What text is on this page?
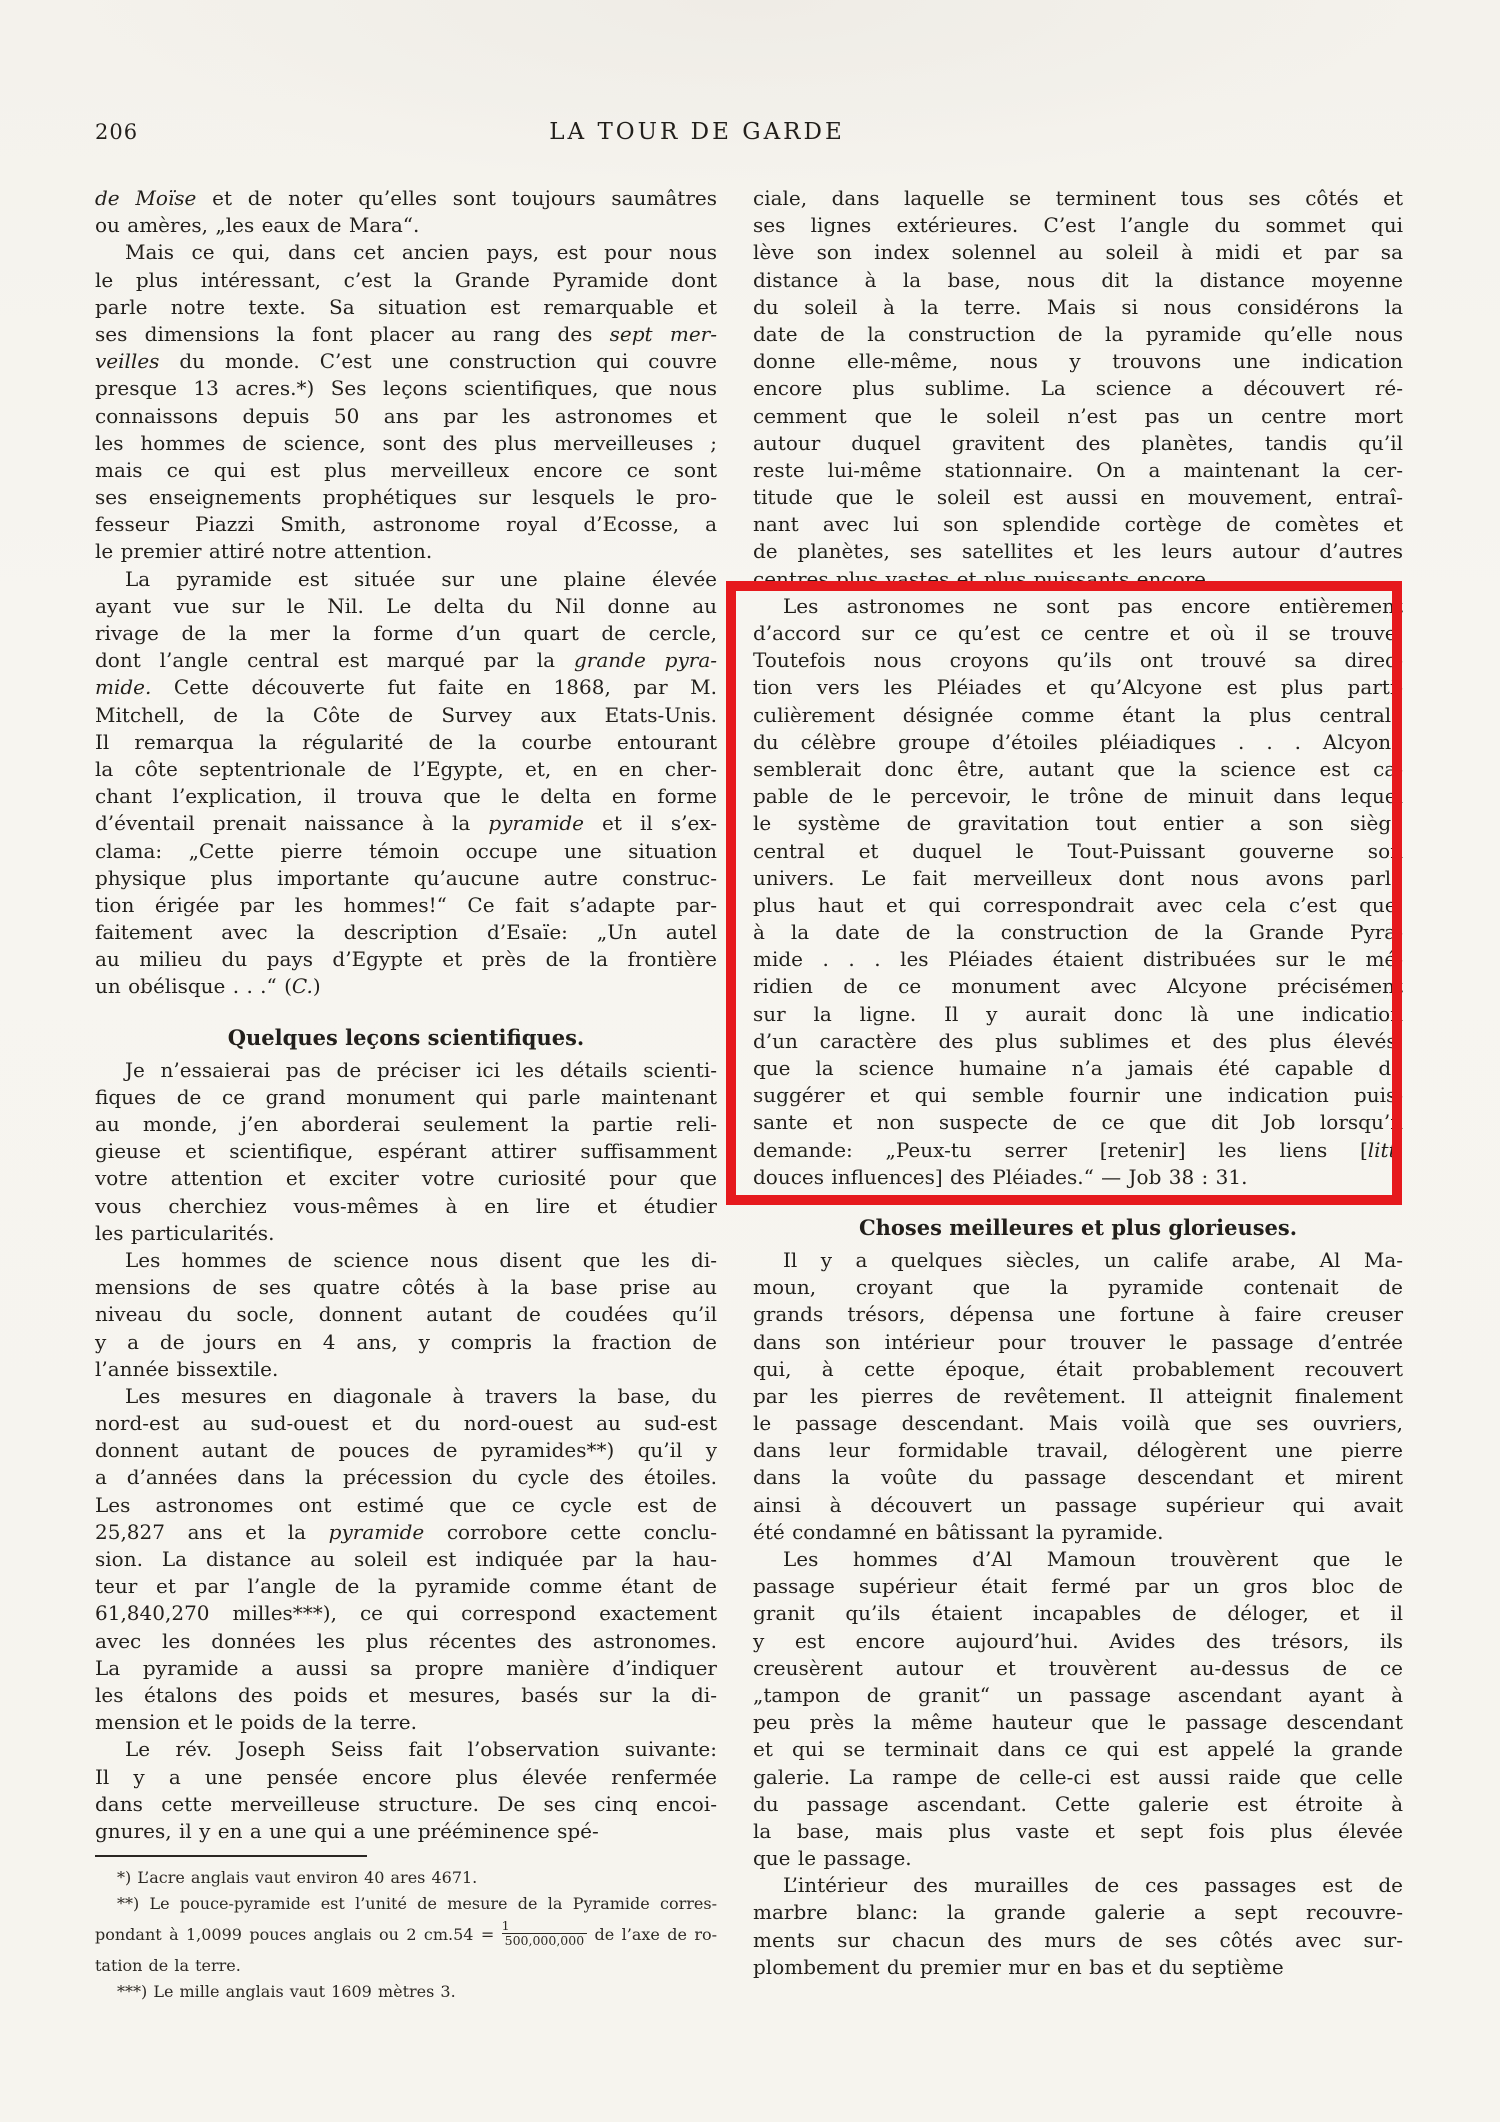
206	LA TOUR DE GARDE
de Moïse et de noter qu’elles sont toujours saumâtres
ou amères, „les eaux de Mara“.
Mais ce qui, dans cet ancien pays, est pour nous
le plus intéressant, c’est la Grande Pyramide dont
parle notre texte. Sa situation est remarquable et
ses dimensions la font placer au rang des sept mer-
veilles du monde. C’est une construction qui couvre
presque 13 acres.*) Ses leçons scientifiques, que nous
connaissons depuis 50 ans par les astronomes et
les hommes de science, sont des plus merveilleuses ;
mais ce qui est plus merveilleux encore ce sont
ses enseignements prophétiques sur lesquels le pro-
fesseur Piazzi Smith, astronome royal d’Ecosse, a
le premier attiré notre attention.
La pyramide est située sur une plaine élevée
ayant vue sur le Nil. Le delta du Nil donne au
rivage de la mer la forme d’un quart de cercle,
dont l’angle central est marqué par la grande pyra-
mide. Cette découverte fut faite en 1868, par M.
Mitchell, de la Côte de Survey aux Etats-Unis.
Il remarqua la régularité de la courbe entourant
la côte septentrionale de l’Egypte, et, en en cher-
chant l’explication, il trouva que le delta en forme
d’éventail prenait naissance à la pyramide et il s’ex-
clama: „Cette pierre témoin occupe une situation
physique plus importante qu’aucune autre construc-
tion érigée par les hommes!“ Ce fait s’adapte par-
faitement avec la description d’Esaïe: „Un autel
au milieu du pays d’Egypte et près de la frontière
un obélisque . . .“ (C.)
Quelques leçons scientifiques.
Je n’essaierai pas de préciser ici les détails scienti-
fiques de ce grand monument qui parle maintenant
au monde, j’en aborderai seulement la partie reli-
gieuse et scientifique, espérant attirer suffisamment
votre attention et exciter votre curiosité pour que
vous cherchiez vous-mêmes à en lire et étudier
les particularités.
Les hommes de science nous disent que les di-
mensions de ses quatre côtés à la base prise au
niveau du socle, donnent autant de coudées qu’il
y a de jours en 4 ans, y compris la fraction de
l’année bissextile.
Les mesures en diagonale à travers la base, du
nord-est au sud-ouest et du nord-ouest au sud-est
donnent autant de pouces de pyramides**) qu’il y
a d’années dans la précession du cycle des étoiles.
Les astronomes ont estimé que ce cycle est de
25,827 ans et la pyramide corrobore cette conclu-
sion. La distance au soleil est indiquée par la hau-
teur et par l’angle de la pyramide comme étant de
61,840,270 milles***), ce qui correspond exactement
avec les données les plus récentes des astronomes.
La pyramide a aussi sa propre manière d’indiquer
les étalons des poids et mesures, basés sur la di-
mension et le poids de la terre.
Le rév. Joseph Seiss fait l’observation suivante:
Il y a une pensée encore plus élevée renfermée
dans cette merveilleuse structure. De ses cinq encoi-
gnures, il y en a une qui a une prééminence spé-
*) L’acre anglais vaut environ 40 ares 4671.
**) Le pouce-pyramide est l’unité de mesure de la Pyramide corres-
pondant à 1,0099 pouces anglais ou 2 $cm.54 = \frac{1}{500,000,000}$ de l’axe de ro-
tation de la terre.
***) Le mille anglais vaut 1609 mètres 3.
ciale, dans laquelle se terminent tous ses côtés et
ses lignes extérieures. C’est l’angle du sommet qui
lève son index solennel au soleil à midi et par sa
distance à la base, nous dit la distance moyenne
du soleil à la terre. Mais si nous considérons la
date de la construction de la pyramide qu’elle nous
donne elle-même, nous y trouvons une indication
encore plus sublime. La science a découvert ré-
cemment que le soleil n’est pas un centre mort
autour duquel gravitent des planètes, tandis qu’il
reste lui-même stationnaire. On a maintenant la cer-
titude que le soleil est aussi en mouvement, entraî-
nant avec lui son splendide cortège de comètes et
de planètes, ses satellites et les leurs autour d’autres
centres plus vastes et plus puissants encore.
Les astronomes ne sont pas encore entièrement
d’accord sur ce qu’est ce centre et où il se trouve.
Toutefois nous croyons qu’ils ont trouvé sa direc-
tion vers les Pléiades et qu’Alcyone est plus parti-
culièrement désignée comme étant la plus centrale
du célèbre groupe d’étoiles pléiadiques . . . Alcyone
semblerait donc être, autant que la science est ca-
pable de le percevoir, le trône de minuit dans lequel
le système de gravitation tout entier a son siège
central et duquel le Tout-Puissant gouverne son
univers. Le fait merveilleux dont nous avons parlé
plus haut et qui correspondrait avec cela c’est que,
à la date de la construction de la Grande Pyra-
mide . . . les Pléiades étaient distribuées sur le mé-
ridien de ce monument avec Alcyone précisément
sur la ligne. Il y aurait donc là une indication
d’un caractère des plus sublimes et des plus élevés,
que la science humaine n’a jamais été capable de
suggérer et qui semble fournir une indication puis-
sante et non suspecte de ce que dit Job lorsqu’il
demande: „Peux-tu serrer [retenir] les liens [litt.
douces influences] des Pléiades.“ — Job 38 : 31.
Choses meilleures et plus glorieuses.
Il y a quelques siècles, un calife arabe, Al Ma-
moun, croyant que la pyramide contenait de
grands trésors, dépensa une fortune à faire creuser
dans son intérieur pour trouver le passage d’entrée
qui, à cette époque, était probablement recouvert
par les pierres de revêtement. Il atteignit finalement
le passage descendant. Mais voilà que ses ouvriers,
dans leur formidable travail, délogèrent une pierre
dans la voûte du passage descendant et mirent
ainsi à découvert un passage supérieur qui avait
été condamné en bâtissant la pyramide.
Les hommes d’Al Mamoun trouvèrent que le
passage supérieur était fermé par un gros bloc de
granit qu’ils étaient incapables de déloger, et il
y est encore aujourd’hui. Avides des trésors, ils
creusèrent autour et trouvèrent au-dessus de ce
„tampon de granit“ un passage ascendant ayant à
peu près la même hauteur que le passage descendant
et qui se terminait dans ce qui est appelé la grande
galerie. La rampe de celle-ci est aussi raide que celle
du passage ascendant. Cette galerie est étroite à
la base, mais plus vaste et sept fois plus élevée
que le passage.
L’intérieur des murailles de ces passages est de
marbre blanc: la grande galerie a sept recouvre-
ments sur chacun des murs de ses côtés avec sur-
plombement du premier mur en bas et du septième
